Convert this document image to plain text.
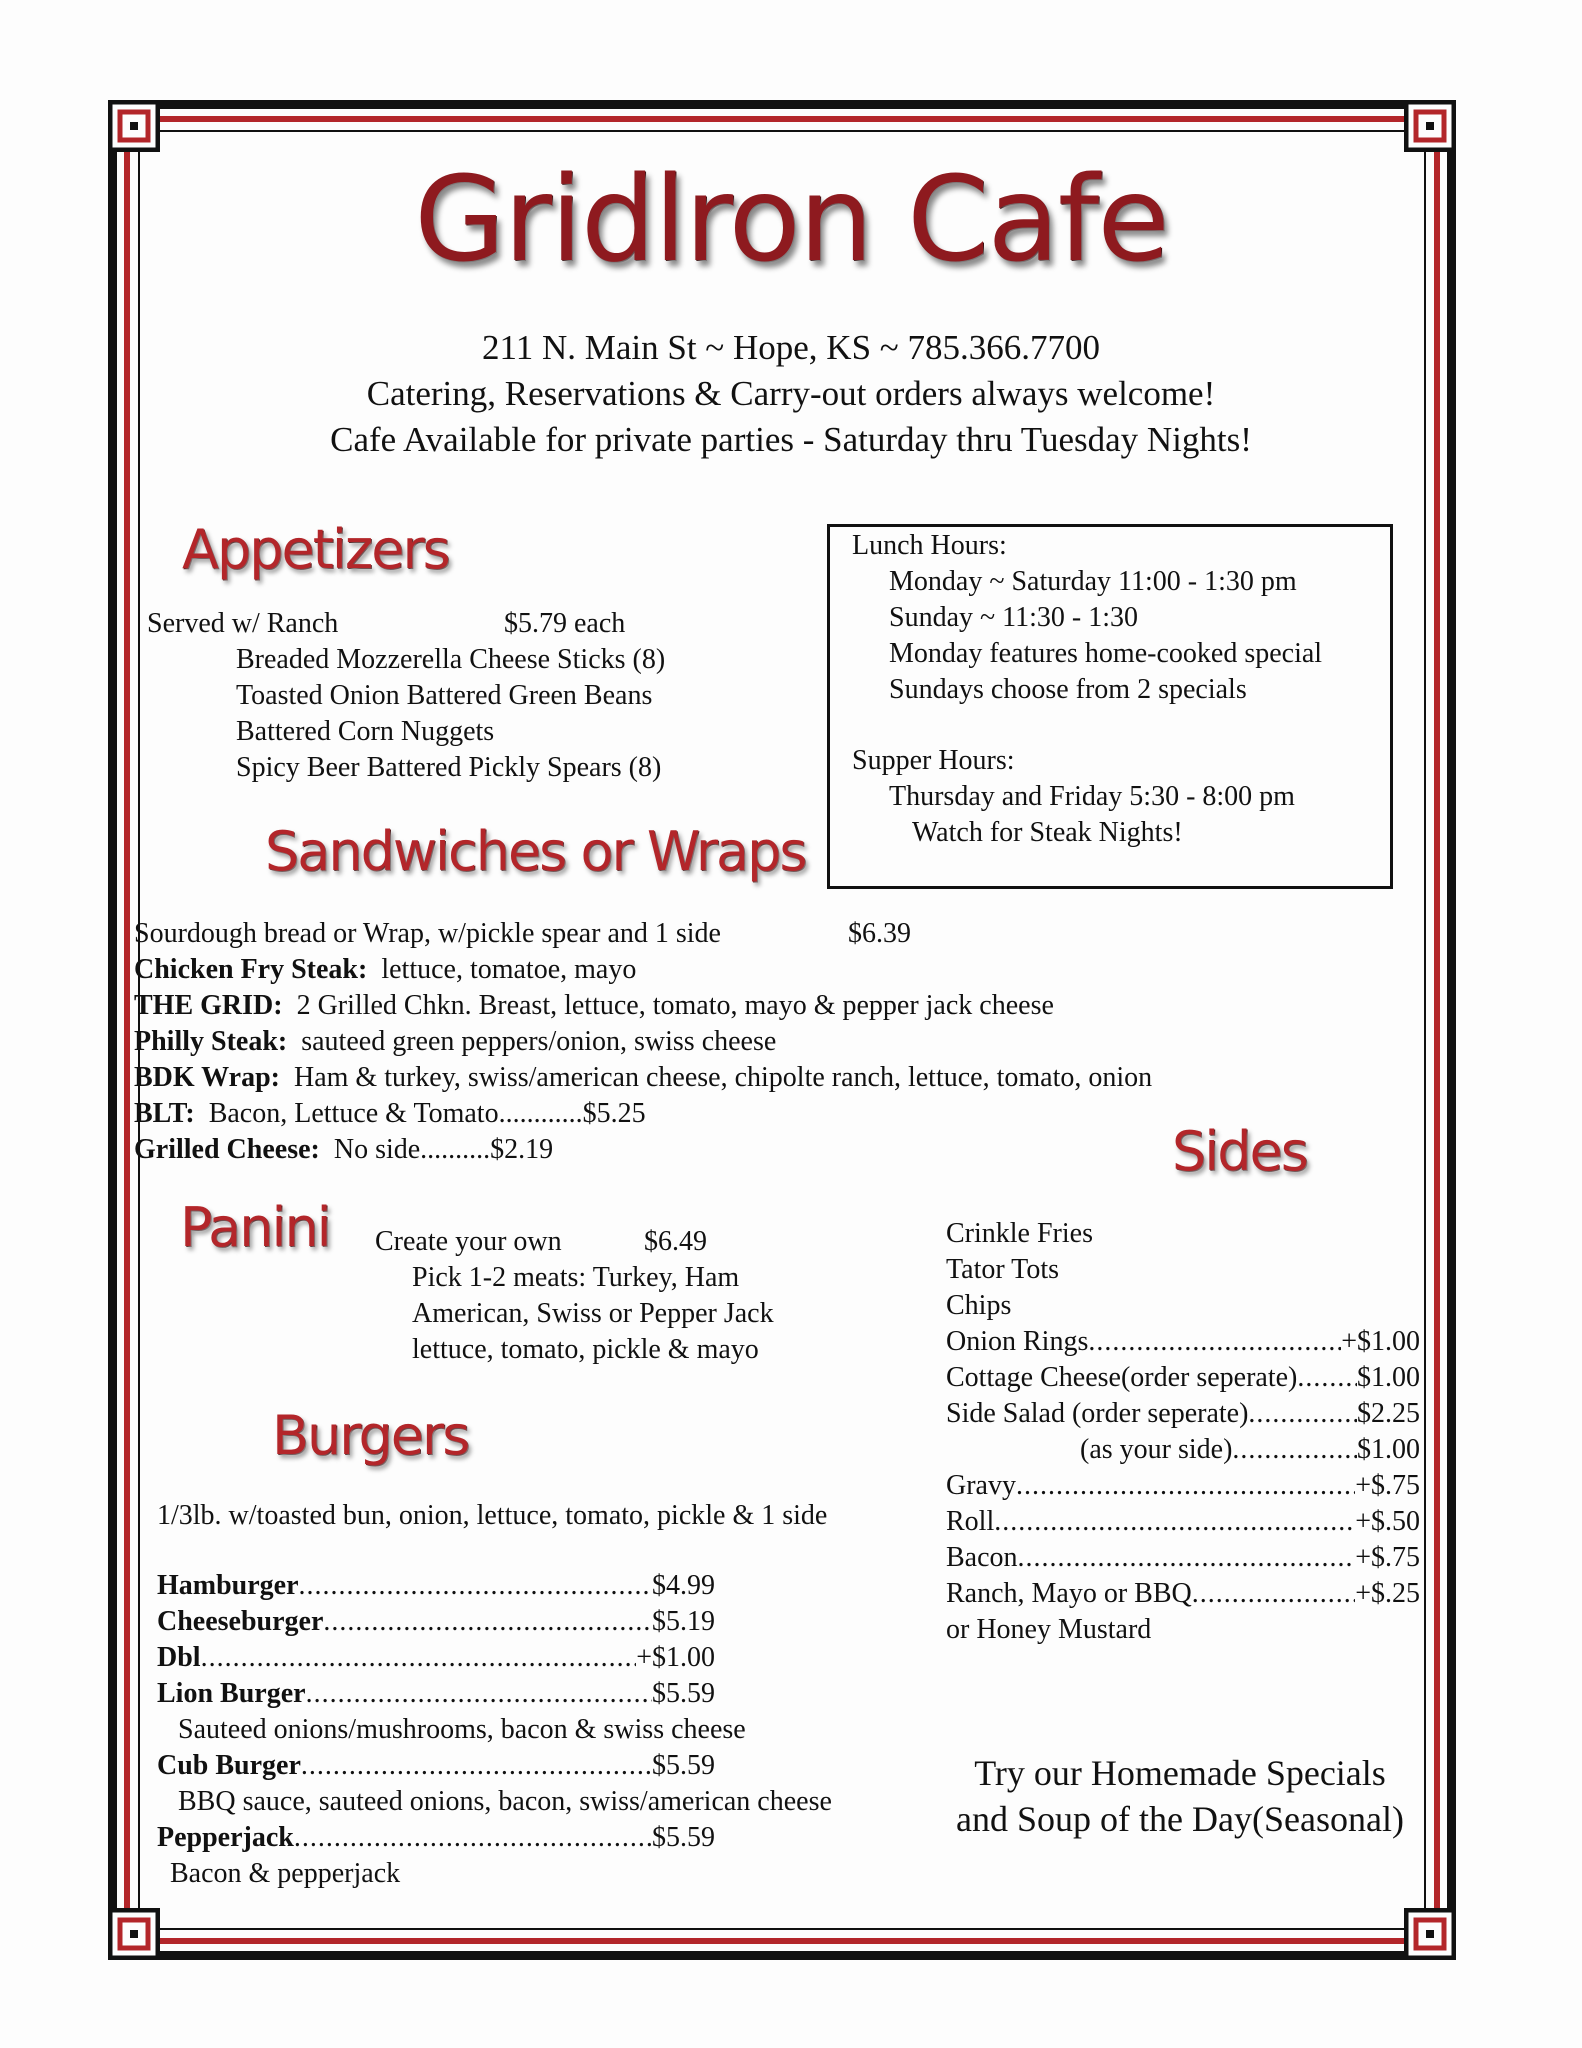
Gridlron Cafe
211 N. Main St ~ Hope, KS ~ 785.366.7700
Catering, Reservations & Carry-out orders always welcome!
Cafe Available for private parties - Saturday thru Tuesday Nights!
Appetizers
Served w/ Ranch	$5.79 each
Breaded Mozzerella Cheese Sticks (8)
Toasted Onion Battered Green Beans
Battered Corn Nuggets
Spicy Beer Battered Pickly Spears (8)
Lunch Hours:
Monday ~ Saturday 11:00 - 1:30 pm
Sunday ~ 11:30 - 1:30
Monday features home-cooked special
Sundays choose from 2 specials
Supper Hours:
Thursday and Friday 5:30 - 8:00 pm
Watch for Steak Nights!
Sandwiches or Wraps
Sourdough bread or Wrap, w/pickle spear and 1 side	$6.39
Chicken Fry Steak: lettuce, tomatoe, mayo
THE GRID: 2 Grilled Chkn. Breast, lettuce, tomato, mayo & pepper jack cheese
Philly Steak: sauteed green peppers/onion, swiss cheese
BDK Wrap: Ham & turkey, swiss/american cheese, chipolte ranch, lettuce, tomato, onion
BLT: Bacon, Lettuce & Tomato............$5.25
Grilled Cheese: No side..........$2.19	Sides
Crinkle Fries
Tator Tots
Chips
Onion Rings .....	+$1.00
Cottage Cheese(order seperate) ..... $1.00
Side Salad (order seperate) .....	$2.25
(as your side) .....	$1.00
Gravy .....	+$.75
Roll .....	+$.50
Bacon .....	+$.75
Ranch, Mayo or BBQ .....	+$.25
or Honey Mustard
Panini Create your own	$6.49
Pick 1-2 meats: Turkey, Ham
American, Swiss or Pepper Jack
lettuce, tomato, pickle & mayo
Burgers
1/3lb. w/toasted bun, onion, lettuce, tomato, pickle & 1 side
Hamburger .....	$4.99
Cheeseburger .....	$5.19
Dbl .....	+$1.00
Lion Burger .....	$5.59
Sauteed onions/mushrooms, bacon & swiss cheese
Cub Burger .....	$5.59
BBQ sauce, sauteed onions, bacon, swiss/american cheese
Pepperjack .....	$5.59
Bacon & pepperjack
Try our Homemade Specials
and Soup of the Day(Seasonal)
